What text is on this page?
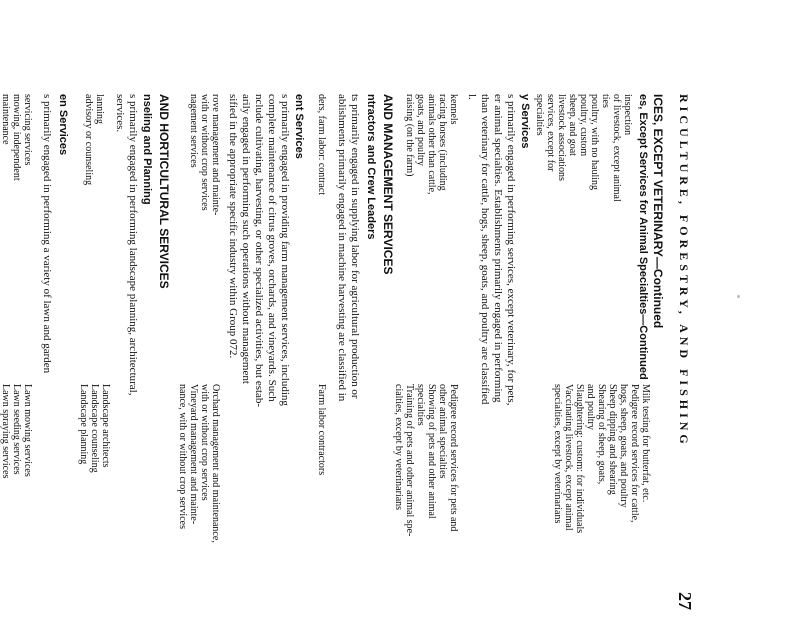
RICULTURE, FORESTRY, AND FISHING
27
ICES, EXCEPT VETERINARY—Continued
es, Except Services for Animal Specialties—Continued
inspection
of livestock, except animal
ties
poultry, with no hauling
poultry, custom
sheep, and goat
livestock associations
services, except for
specialties
Milk testing for butterfat, etc.
Pedigree record services for cattle,
hogs, sheep, goats, and poultry
Sheep dipping and shearing
Shearing of sheep, goats,
and poultry
Slaughtering: custom: for individuals
Vaccinating livestock, except animal
specialties, except by veterinarians
y Services
s primarily engaged in performing services, except veterinary, for pets,
er animal specialties. Establishments primarily engaged in performing
than veterinary for cattle, hogs, sheep, goats, and poultry are classified
l.
kennels
racing horses (including
animals other than cattle,
goats, and poultry
raising (on the farm)
Pedigree record services for pets and
other animal specialties
Showing of pets and other animal
specialties
Training of pets and other animal spe-
cialties, except by veterinarians
AND MANAGEMENT SERVICES
ntractors and Crew Leaders
ts primarily engaged in supplying labor for agricultural production or
ablishments primarily engaged in machine harvesting are classified in
ders, farm labor: contract
Farm labor contractors
ent Services
s primarily engaged in providing farm management services, including
complete maintenance of citrus groves, orchards, and vineyards. Such
nclude cultivating, harvesting, or other specialized activities, but estab-
arily engaged in performing such operations without management
sified in the appropriate specific industry within Group 072.
rove management and mainte-
with or without crop services
nagement services
Orchard management and maintenance,
with or without crop services
Vineyard management and mainte-
nance, with or without crop services
AND HORTICULTURAL SERVICES
nseling and Planning
s primarily engaged in performing landscape planning, architectural,
services.
lanning
advisory or counseling
Landscape architects
Landscape counseling
Landscape planning
en Services
s primarily engaged in performing a variety of lawn and garden
servicing services
mowing, independent
maintenance
Lawn mowing services
Lawn seeding services
Lawn spraying services
